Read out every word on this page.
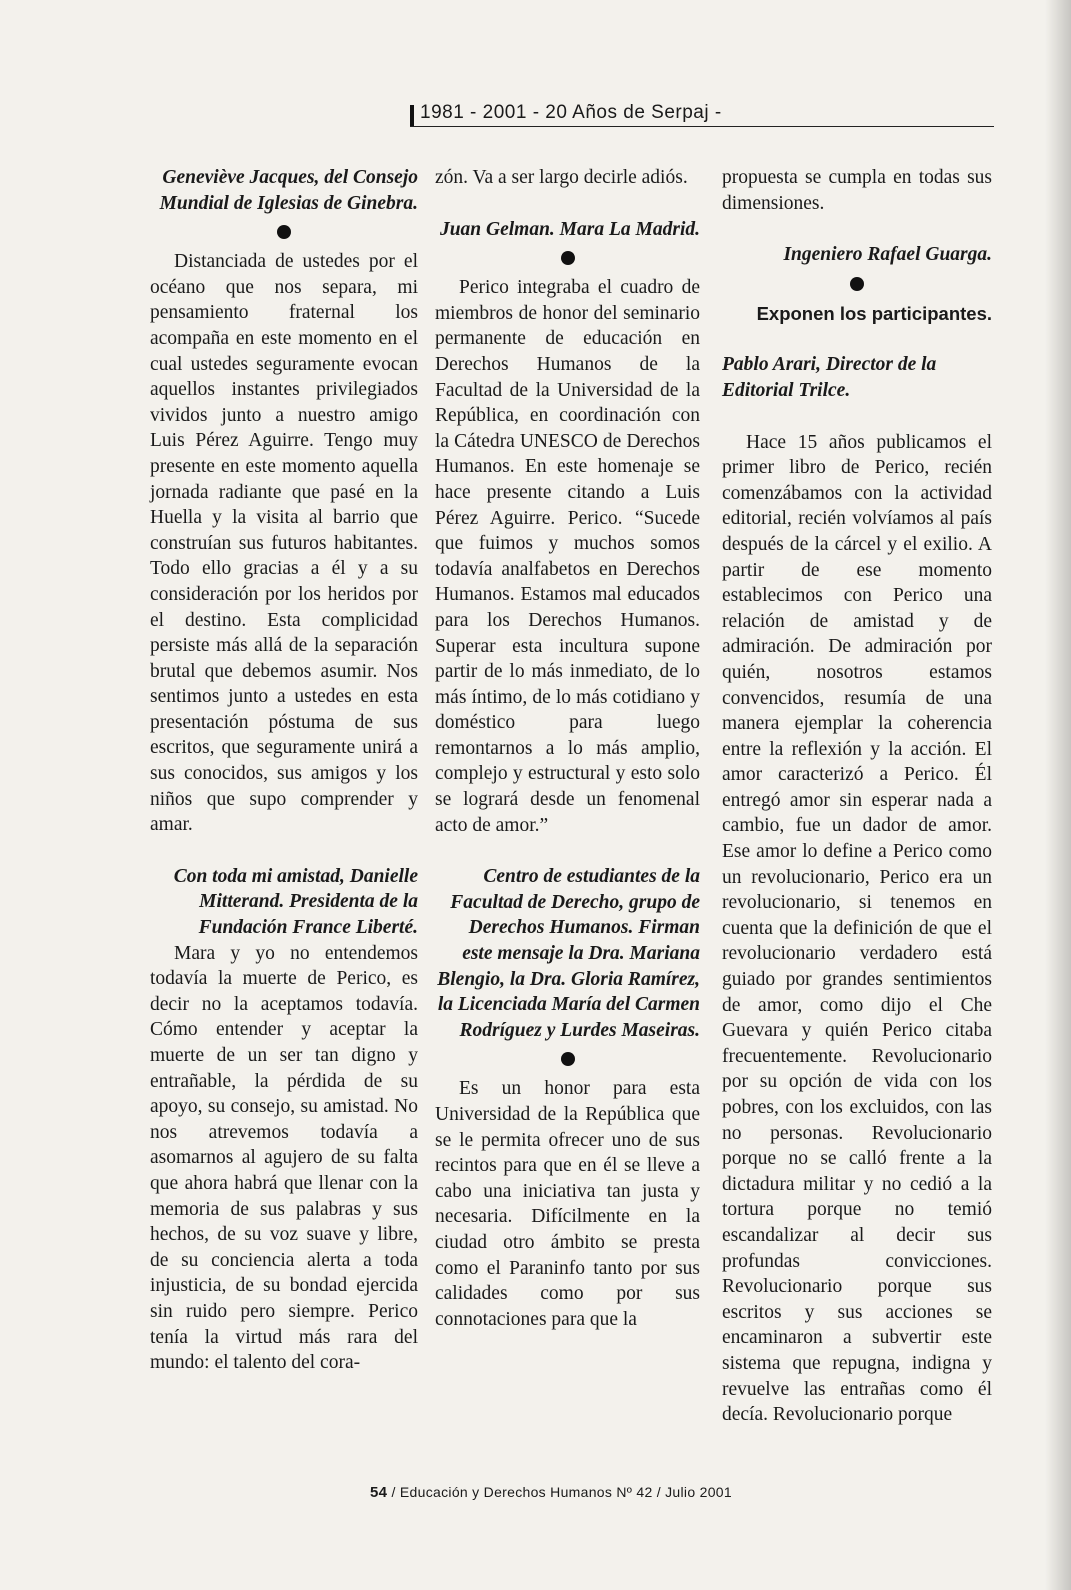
1981 - 2001 - 20 Años de Serpaj -

Geneviève Jacques, del Consejo Mundial de Iglesias de Ginebra.

Distanciada de ustedes por el océano que nos separa, mi pensamiento fraternal los acompaña en este momento en el cual ustedes seguramente evocan aquellos instantes privilegiados vividos junto a nuestro amigo Luis Pérez Aguirre. Tengo muy presente en este momento aquella jornada radiante que pasé en la Huella y la visita al barrio que construían sus futuros habitantes. Todo ello gracias a él y a su consideración por los heridos por el destino. Esta complicidad persiste más allá de la separación brutal que debemos asumir. Nos sentimos junto a ustedes en esta presentación póstuma de sus escritos, que seguramente unirá a sus conocidos, sus amigos y los niños que supo comprender y amar.

Con toda mi amistad, Danielle Mitterand. Presidenta de la Fundación France Liberté.

Mara y yo no entendemos todavía la muerte de Perico, es decir no la aceptamos todavía. Cómo entender y aceptar la muerte de un ser tan digno y entrañable, la pérdida de su apoyo, su consejo, su amistad. No nos atrevemos todavía a asomarnos al agujero de su falta que ahora habrá que llenar con la memoria de sus palabras y sus hechos, de su voz suave y libre, de su conciencia alerta a toda injusticia, de su bondad ejercida sin ruido pero siempre. Perico tenía la virtud más rara del mundo: el talento del cora-

zón. Va a ser largo decirle adiós.

Juan Gelman. Mara La Madrid.

Perico integraba el cuadro de miembros de honor del seminario permanente de educación en Derechos Humanos de la Facultad de la Universidad de la República, en coordinación con la Cátedra UNESCO de Derechos Humanos. En este homenaje se hace presente citando a Luis Pérez Aguirre. Perico. “Sucede que fuimos y muchos somos todavía analfabetos en Derechos Humanos. Estamos mal educados para los Derechos Humanos. Superar esta incultura supone partir de lo más inmediato, de lo más íntimo, de lo más cotidiano y doméstico para luego remontarnos a lo más amplio, complejo y estructural y esto solo se logrará desde un fenomenal acto de amor.”

Centro de estudiantes de la Facultad de Derecho, grupo de Derechos Humanos. Firman este mensaje la Dra. Mariana Blengio, la Dra. Gloria Ramírez, la Licenciada María del Carmen Rodríguez y Lurdes Maseiras.

Es un honor para esta Universidad de la República que se le permita ofrecer uno de sus recintos para que en él se lleve a cabo una iniciativa tan justa y necesaria. Difícilmente en la ciudad otro ámbito se presta como el Paraninfo tanto por sus calidades como por sus connotaciones para que la

propuesta se cumpla en todas sus dimensiones.

Ingeniero Rafael Guarga.

Exponen los participantes.

Pablo Arari, Director de la Editorial Trilce.

Hace 15 años publicamos el primer libro de Perico, recién comenzábamos con la actividad editorial, recién volvíamos al país después de la cárcel y el exilio. A partir de ese momento establecimos con Perico una relación de amistad y de admiración. De admiración por quién, nosotros estamos convencidos, resumía de una manera ejemplar la coherencia entre la reflexión y la acción. El amor caracterizó a Perico. Él entregó amor sin esperar nada a cambio, fue un dador de amor. Ese amor lo define a Perico como un revolucionario, Perico era un revolucionario, si tenemos en cuenta que la definición de que el revolucionario verdadero está guiado por grandes sentimientos de amor, como dijo el Che Guevara y quién Perico citaba frecuentemente. Revolucionario por su opción de vida con los pobres, con los excluidos, con las no personas. Revolucionario porque no se calló frente a la dictadura militar y no cedió a la tortura porque no temió escandalizar al decir sus profundas convicciones. Revolucionario porque sus escritos y sus acciones se encaminaron a subvertir este sistema que repugna, indigna y revuelve las entrañas como él decía. Revolucionario porque

54 / Educación y Derechos Humanos Nº 42 / Julio 2001
